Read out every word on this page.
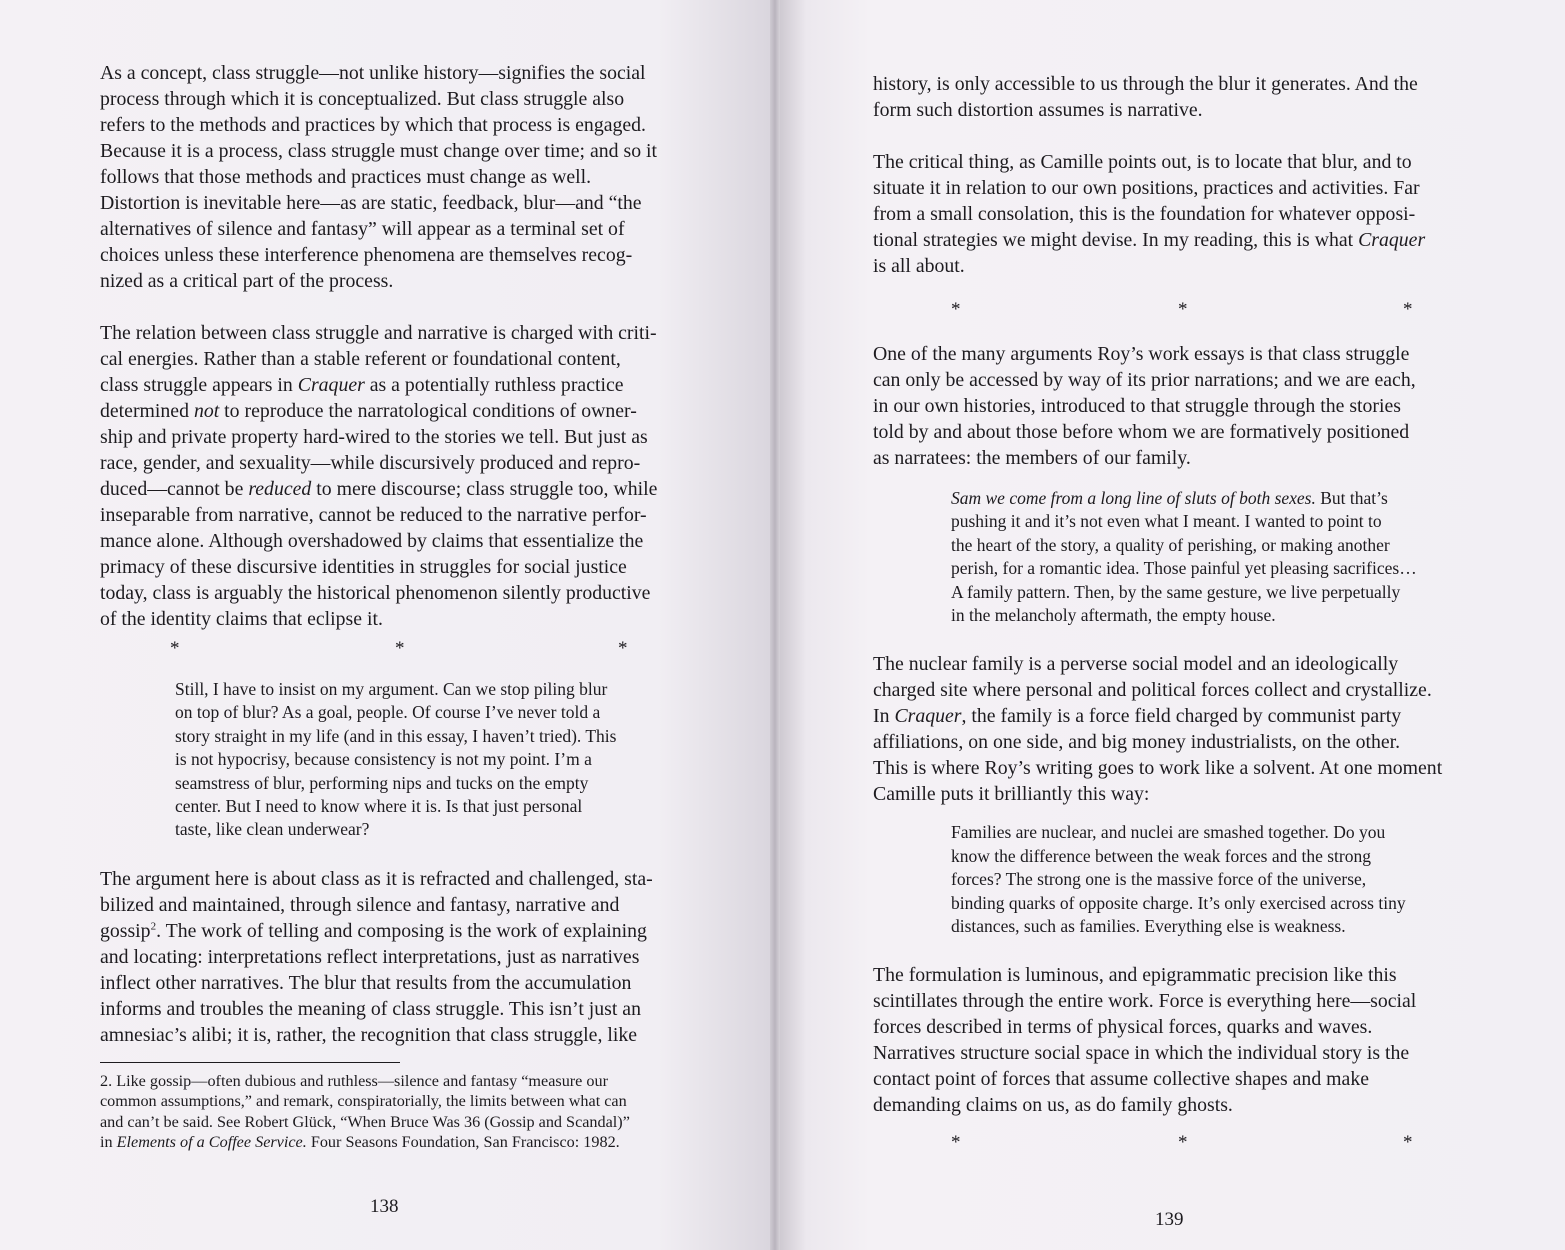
As a concept, class struggle—not unlike history—signifies the social

process through which it is conceptualized. But class struggle also

refers to the methods and practices by which that process is engaged.

Because it is a process, class struggle must change over time; and so it

follows that those methods and practices must change as well.

Distortion is inevitable here—as are static, feedback, blur—and “the

alternatives of silence and fantasy” will appear as a terminal set of

choices unless these interference phenomena are themselves recog-

nized as a critical part of the process.

The relation between class struggle and narrative is charged with criti-

cal energies. Rather than a stable referent or foundational content,

class struggle appears in Craquer as a potentially ruthless practice

determined not to reproduce the narratological conditions of owner-

ship and private property hard-wired to the stories we tell. But just as

race, gender, and sexuality—while discursively produced and repro-

duced—cannot be reduced to mere discourse; class struggle too, while

inseparable from narrative, cannot be reduced to the narrative perfor-

mance alone. Although overshadowed by claims that essentialize the

primacy of these discursive identities in struggles for social justice

today, class is arguably the historical phenomenon silently productive

of the identity claims that eclipse it.

*	*	*

Still, I have to insist on my argument. Can we stop piling blur

on top of blur? As a goal, people. Of course I’ve never told a

story straight in my life (and in this essay, I haven’t tried). This

is not hypocrisy, because consistency is not my point. I’m a

seamstress of blur, performing nips and tucks on the empty

center. But I need to know where it is. Is that just personal

taste, like clean underwear?

The argument here is about class as it is refracted and challenged, sta-

bilized and maintained, through silence and fantasy, narrative and

gossip$^2$. The work of telling and composing is the work of explaining

and locating: interpretations reflect interpretations, just as narratives

inflect other narratives. The blur that results from the accumulation

informs and troubles the meaning of class struggle. This isn’t just an

amnesiac’s alibi; it is, rather, the recognition that class struggle, like

2. Like gossip—often dubious and ruthless—silence and fantasy “measure our

common assumptions,” and remark, conspiratorially, the limits between what can

and can’t be said. See Robert Glück, “When Bruce Was 36 (Gossip and Scandal)”

in Elements of a Coffee Service. Four Seasons Foundation, San Francisco: 1982.

138

history, is only accessible to us through the blur it generates. And the

form such distortion assumes is narrative.

The critical thing, as Camille points out, is to locate that blur, and to

situate it in relation to our own positions, practices and activities. Far

from a small consolation, this is the foundation for whatever opposi-

tional strategies we might devise. In my reading, this is what Craquer

is all about.

*	*	*

One of the many arguments Roy’s work essays is that class struggle

can only be accessed by way of its prior narrations; and we are each,

in our own histories, introduced to that struggle through the stories

told by and about those before whom we are formatively positioned

as narratees: the members of our family.

Sam we come from a long line of sluts of both sexes. But that’s

pushing it and it’s not even what I meant. I wanted to point to

the heart of the story, a quality of perishing, or making another

perish, for a romantic idea. Those painful yet pleasing sacrifices…

A family pattern. Then, by the same gesture, we live perpetually

in the melancholy aftermath, the empty house.

The nuclear family is a perverse social model and an ideologically

charged site where personal and political forces collect and crystallize.

In Craquer, the family is a force field charged by communist party

affiliations, on one side, and big money industrialists, on the other.

This is where Roy’s writing goes to work like a solvent. At one moment

Camille puts it brilliantly this way:

Families are nuclear, and nuclei are smashed together. Do you

know the difference between the weak forces and the strong

forces? The strong one is the massive force of the universe,

binding quarks of opposite charge. It’s only exercised across tiny

distances, such as families. Everything else is weakness.

The formulation is luminous, and epigrammatic precision like this

scintillates through the entire work. Force is everything here—social

forces described in terms of physical forces, quarks and waves.

Narratives structure social space in which the individual story is the

contact point of forces that assume collective shapes and make

demanding claims on us, as do family ghosts.

*	*	*
139
